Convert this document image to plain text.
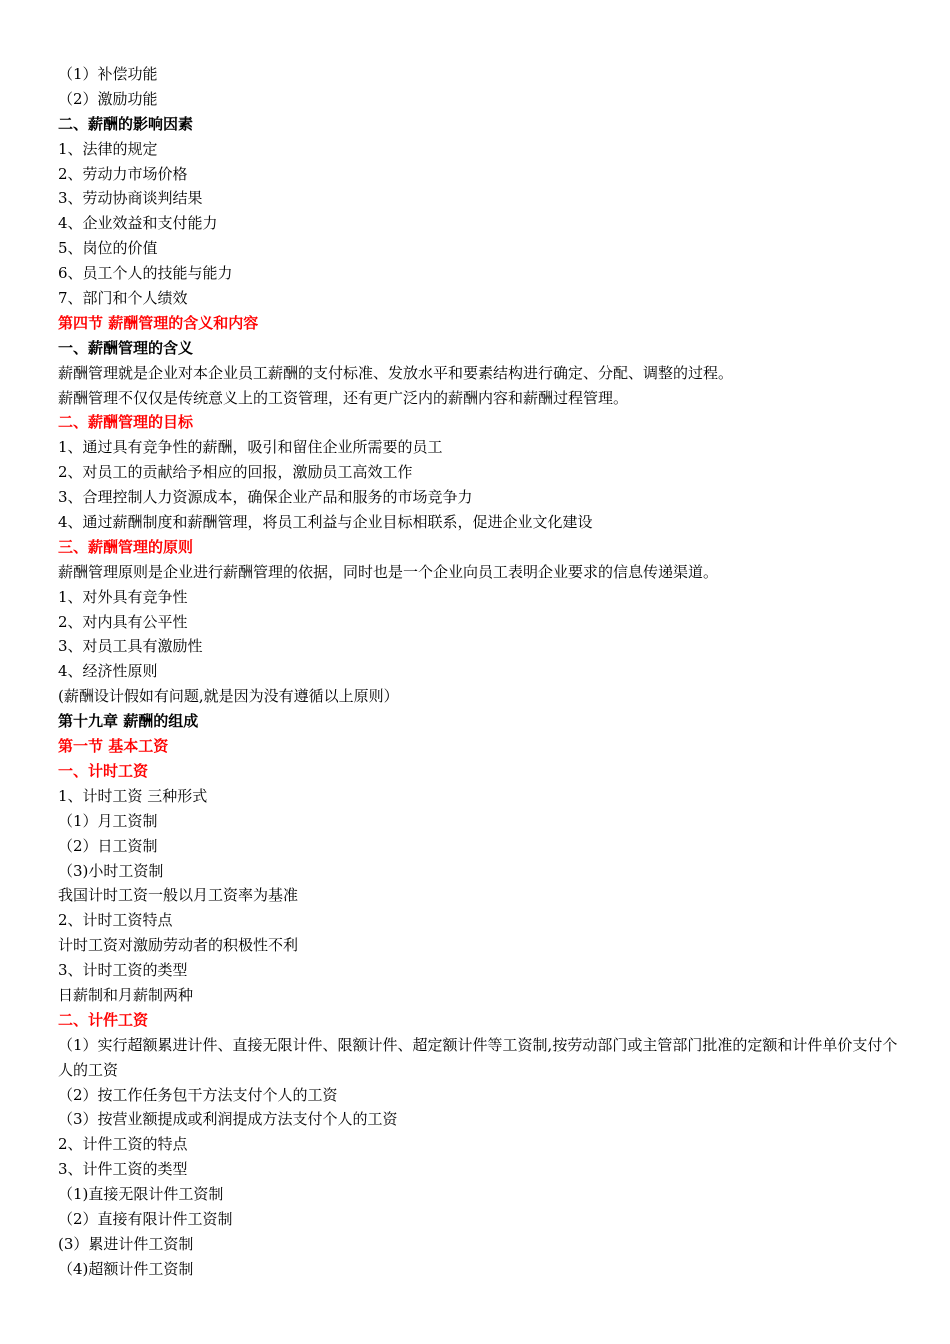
（1）补偿功能
（2）激励功能
二、薪酬的影响因素
1、法律的规定
2、劳动力市场价格
3、劳动协商谈判结果
4、企业效益和支付能力
5、岗位的价值
6、员工个人的技能与能力
7、部门和个人绩效
第四节 薪酬管理的含义和内容
一、薪酬管理的含义
薪酬管理就是企业对本企业员工薪酬的支付标准、发放水平和要素结构进行确定、分配、调整的过程。
薪酬管理不仅仅是传统意义上的工资管理，还有更广泛内的薪酬内容和薪酬过程管理。
二、薪酬管理的目标
1、通过具有竞争性的薪酬，吸引和留住企业所需要的员工
2、对员工的贡献给予相应的回报，激励员工高效工作
3、合理控制人力资源成本，确保企业产品和服务的市场竞争力
4、通过薪酬制度和薪酬管理，将员工利益与企业目标相联系，促进企业文化建设
三、薪酬管理的原则
薪酬管理原则是企业进行薪酬管理的依据，同时也是一个企业向员工表明企业要求的信息传递渠道。
1、对外具有竞争性
2、对内具有公平性
3、对员工具有激励性
4、经济性原则
(薪酬设计假如有问题,就是因为没有遵循以上原则）
第十九章 薪酬的组成
第一节 基本工资
一、计时工资
1、计时工资 三种形式
（1）月工资制
（2）日工资制
（3)小时工资制
我国计时工资一般以月工资率为基准
2、计时工资特点
计时工资对激励劳动者的积极性不利
3、计时工资的类型
日薪制和月薪制两种
二、计件工资
（1）实行超额累进计件、直接无限计件、限额计件、超定额计件等工资制,按劳动部门或主管部门批准的定额和计件单价支付个人的工资
（2）按工作任务包干方法支付个人的工资
（3）按营业额提成或利润提成方法支付个人的工资
2、计件工资的特点
3、计件工资的类型
（1)直接无限计件工资制
（2）直接有限计件工资制
(3）累进计件工资制
（4)超额计件工资制
